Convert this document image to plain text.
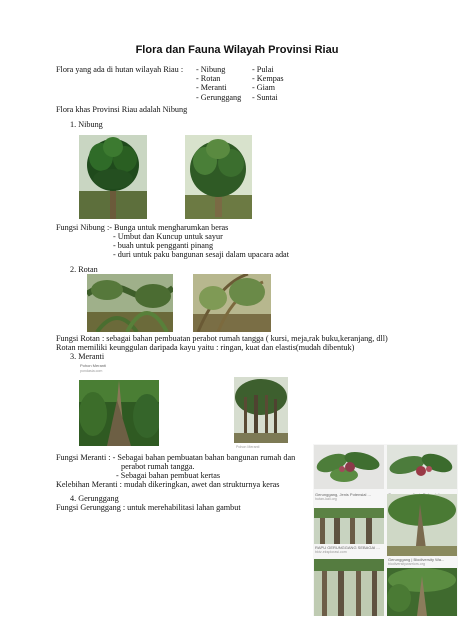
Flora dan Fauna Wilayah Provinsi Riau
Flora yang ada di hutan wilayah Riau : - Nibung
- Rotan
- Meranti
- Gerunggang
- Pulai
- Kempas
- Giam
- Suntai
Flora khas Provinsi Riau adalah Nibung
1. Nibung
Fungsi Nibung :- Bunga untuk mengharumkan beras
- Umbut dan Kuncup untuk sayur
- buah untuk pengganti pinang
- duri untuk paku bangunan sesaji dalam upacara adat
2. Rotan
Fungsi Rotan : sebagai bahan pembuatan perabot rumah tangga ( kursi, meja,rak buku,keranjang, dll)
Rotan memiliki keunggulan daripada kayu yaitu : ringan, kuat dan elastis(mudah dibentuk)
3. Meranti
Pohon Meranti
pondasia.com
Pohon Meranti
Fungsi Meranti : - Sebagai bahan pembuatan bahan bangunan rumah dan
perabot rumah tangga.
- Sebagai bahan pembuat kertas
Kelebihan Meranti : mudah dikeringkan, awet dan strukturnya keras
4. Gerunggang
Fungsi Gerunggang : untuk merehabilitasi lahan gambut
Gerunggang, Jenis Potensial ...
hutan-kali.org
RAPU GERUNGGANG SEBAGAI ...
bktv-eksplorasi.com
Gerunggang | Biodiversity Wa...
biodiversitywarriors.org
